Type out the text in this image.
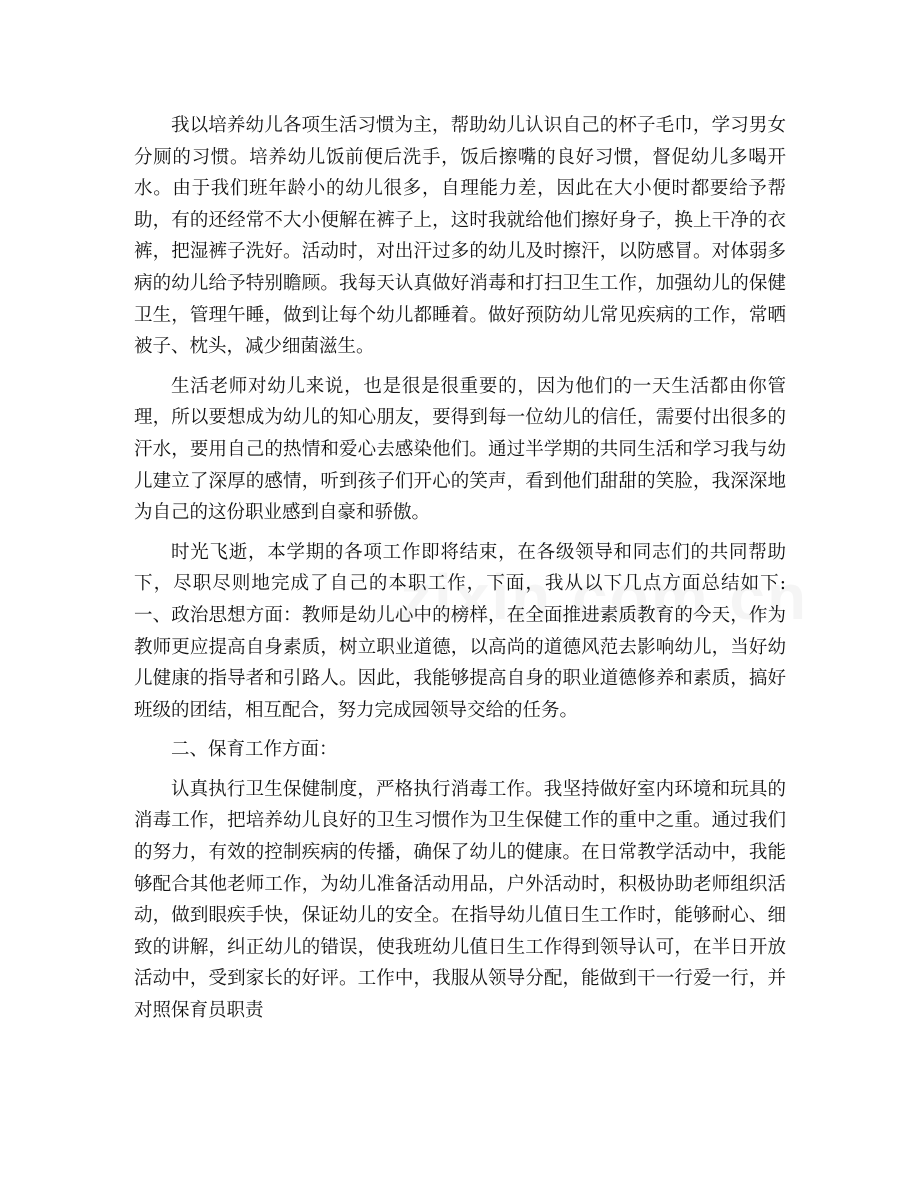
我以培养幼儿各项生活习惯为主，帮助幼儿认识自己的杯子毛巾，学习男女分厕的习惯。培养幼儿饭前便后洗手，饭后擦嘴的良好习惯，督促幼儿多喝开水。由于我们班年龄小的幼儿很多，自理能力差，因此在大小便时都要给予帮助，有的还经常不大小便解在裤子上，这时我就给他们擦好身子，换上干净的衣裤，把湿裤子洗好。活动时，对出汗过多的幼儿及时擦汗，以防感冒。对体弱多病的幼儿给予特别瞻顾。我每天认真做好消毒和打扫卫生工作，加强幼儿的保健卫生，管理午睡，做到让每个幼儿都睡着。做好预防幼儿常见疾病的工作，常晒被子、枕头，减少细菌滋生。

生活老师对幼儿来说，也是很是很重要的，因为他们的一天生活都由你管理，所以要想成为幼儿的知心朋友，要得到每一位幼儿的信任，需要付出很多的汗水，要用自己的热情和爱心去感染他们。通过半学期的共同生活和学习我与幼儿建立了深厚的感情，听到孩子们开心的笑声，看到他们甜甜的笑脸，我深深地为自己的这份职业感到自豪和骄傲。

时光飞逝，本学期的各项工作即将结束，在各级领导和同志们的共同帮助下，尽职尽则地完成了自己的本职工作，下面，我从以下几点方面总结如下:一、政治思想方面：教师是幼儿心中的榜样，在全面推进素质教育的今天，作为教师更应提高自身素质，树立职业道德，以高尚的道德风范去影响幼儿，当好幼儿健康的指导者和引路人。因此，我能够提高自身的职业道德修养和素质，搞好班级的团结，相互配合，努力完成园领导交给的任务。

二、保育工作方面：

认真执行卫生保健制度，严格执行消毒工作。我坚持做好室内环境和玩具的消毒工作，把培养幼儿良好的卫生习惯作为卫生保健工作的重中之重。通过我们的努力，有效的控制疾病的传播，确保了幼儿的健康。在日常教学活动中，我能够配合其他老师工作，为幼儿准备活动用品，户外活动时，积极协助老师组织活动，做到眼疾手快，保证幼儿的安全。在指导幼儿值日生工作时，能够耐心、细致的讲解，纠正幼儿的错误，使我班幼儿值日生工作得到领导认可，在半日开放活动中，受到家长的好评。工作中，我服从领导分配，能做到干一行爱一行，并对照保育员职责
